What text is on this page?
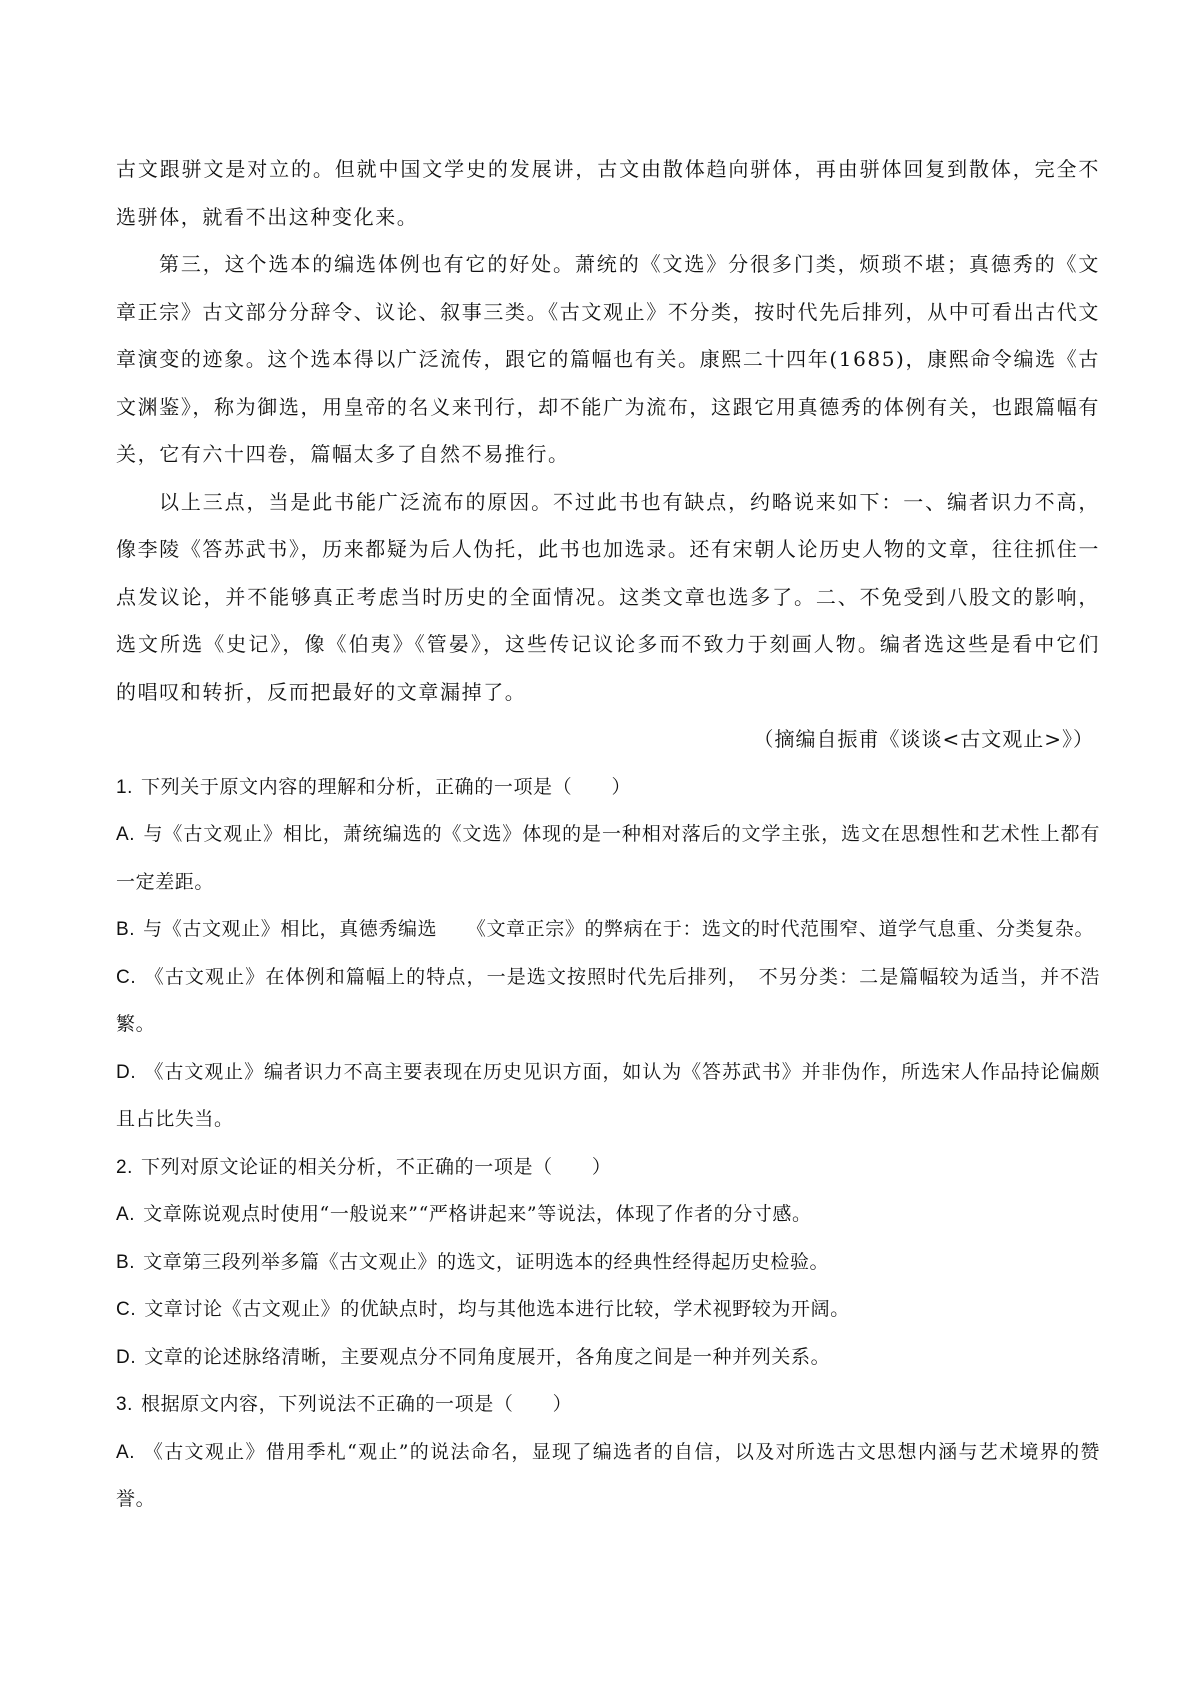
古文跟骈文是对立的。但就中国文学史的发展讲，古文由散体趋向骈体，再由骈体回复到散体，完全不选骈体，就看不出这种变化来。

第三，这个选本的编选体例也有它的好处。萧统的《文选》分很多门类，烦琐不堪；真德秀的《文章正宗》古文部分分辞令、议论、叙事三类。《古文观止》不分类，按时代先后排列，从中可看出古代文章演变的迹象。这个选本得以广泛流传，跟它的篇幅也有关。康熙二十四年(1685)，康熙命令编选《古文渊鉴》，称为御选，用皇帝的名义来刊行，却不能广为流布，这跟它用真德秀的体例有关，也跟篇幅有关，它有六十四卷，篇幅太多了自然不易推行。

以上三点，当是此书能广泛流布的原因。不过此书也有缺点，约略说来如下：一、编者识力不高，像李陵《答苏武书》，历来都疑为后人伪托，此书也加选录。还有宋朝人论历史人物的文章，往往抓住一点发议论，并不能够真正考虑当时历史的全面情况。这类文章也选多了。二、不免受到八股文的影响，选文所选《史记》，像《伯夷》《管晏》，这些传记议论多而不致力于刻画人物。编者选这些是看中它们的唱叹和转折，反而把最好的文章漏掉了。

（摘编自振甫《谈谈<古文观止>》）

1. 下列关于原文内容的理解和分析，正确的一项是（　　）

A. 与《古文观止》相比，萧统编选的《文选》体现的是一种相对落后的文学主张，选文在思想性和艺术性上都有一定差距。

B. 与《古文观止》相比，真德秀编选　　《文章正宗》的弊病在于：选文的时代范围窄、道学气息重、分类复杂。

C. 《古文观止》在体例和篇幅上的特点，一是选文按照时代先后排列，　不另分类：二是篇幅较为适当，并不浩繁。

D. 《古文观止》编者识力不高主要表现在历史见识方面，如认为《答苏武书》并非伪作，所选宋人作品持论偏颇且占比失当。

2. 下列对原文论证的相关分析，不正确的一项是（　　）

A. 文章陈说观点时使用“一般说来”“严格讲起来”等说法，体现了作者的分寸感。

B. 文章第三段列举多篇《古文观止》的选文，证明选本的经典性经得起历史检验。

C. 文章讨论《古文观止》的优缺点时，均与其他选本进行比较，学术视野较为开阔。

D. 文章的论述脉络清晰，主要观点分不同角度展开，各角度之间是一种并列关系。

3. 根据原文内容，下列说法不正确的一项是（　　）

A. 《古文观止》借用季札“观止”的说法命名，显现了编选者的自信，以及对所选古文思想内涵与艺术境界的赞誉。
